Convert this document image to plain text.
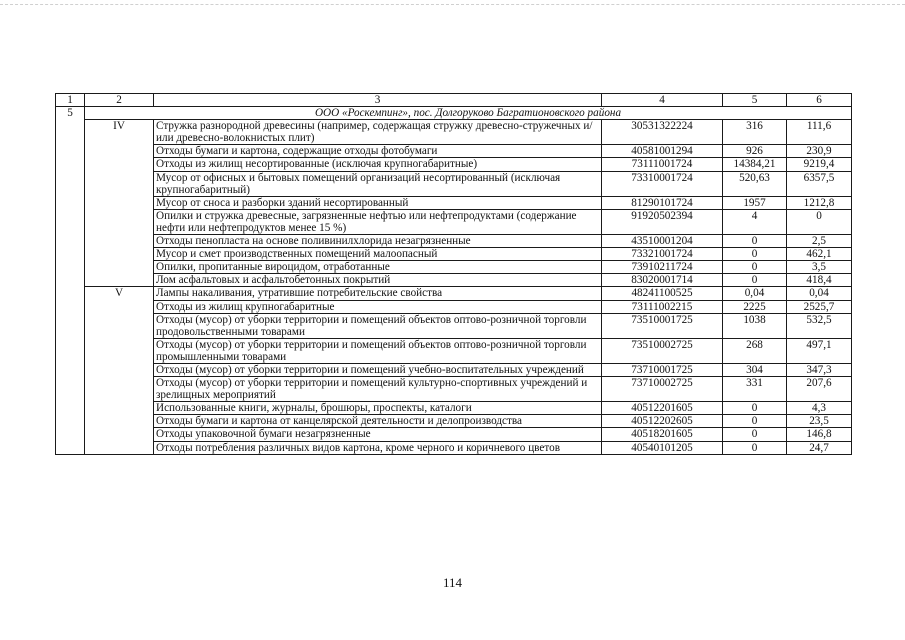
1	2	3	4	5	6
5	ООО «Роскемпинг», пос. Долгоруково Багратионовского района				
	IV	Стружка разнородной древесины (например, содержащая стружку древесно-стружечных и/или древесно-волокнистых плит)	30531322224	316	111,6
		Отходы бумаги и картона, содержащие отходы фотобумаги	40581001294	926	230,9
		Отходы из жилищ несортированные (исключая крупногабаритные)	73111001724	14384,21	9219,4
		Мусор от офисных и бытовых помещений организаций несортированный (исключая крупногабаритный)	73310001724	520,63	6357,5
		Мусор от сноса и разборки зданий несортированный	81290101724	1957	1212,8
		Опилки и стружка древесные, загрязненные нефтью или нефтепродуктами (содержание нефти или нефтепродуктов менее 15 %)	91920502394	4	0
		Отходы пенопласта на основе поливинилхлорида незагрязненные	43510001204	0	2,5
		Мусор и смет производственных помещений малоопасный	73321001724	0	462,1
		Опилки, пропитанные вироцидом, отработанные	73910211724	0	3,5
		Лом асфальтовых и асфальтобетонных покрытий	83020001714	0	418,4
	V	Лампы накаливания, утратившие потребительские свойства	48241100525	0,04	0,04
		Отходы из жилищ крупногабаритные	73111002215	2225	2525,7
		Отходы (мусор) от уборки территории и помещений объектов оптово-розничной торговли продовольственными товарами	73510001725	1038	532,5
		Отходы (мусор) от уборки территории и помещений объектов оптово-розничной торговли промышленными товарами	73510002725	268	497,1
		Отходы (мусор) от уборки территории и помещений учебно-воспитательных учреждений	73710001725	304	347,3
		Отходы (мусор) от уборки территории и помещений культурно-спортивных учреждений и зрелищных мероприятий	73710002725	331	207,6
		Использованные книги, журналы, брошюры, проспекты, каталоги	40512201605	0	4,3
		Отходы бумаги и картона от канцелярской деятельности и делопроизводства	40512202605	0	23,5
		Отходы упаковочной бумаги незагрязненные	40518201605	0	146,8
		Отходы потребления различных видов картона, кроме черного и коричневого цветов	40540101205	0	24,7
114
